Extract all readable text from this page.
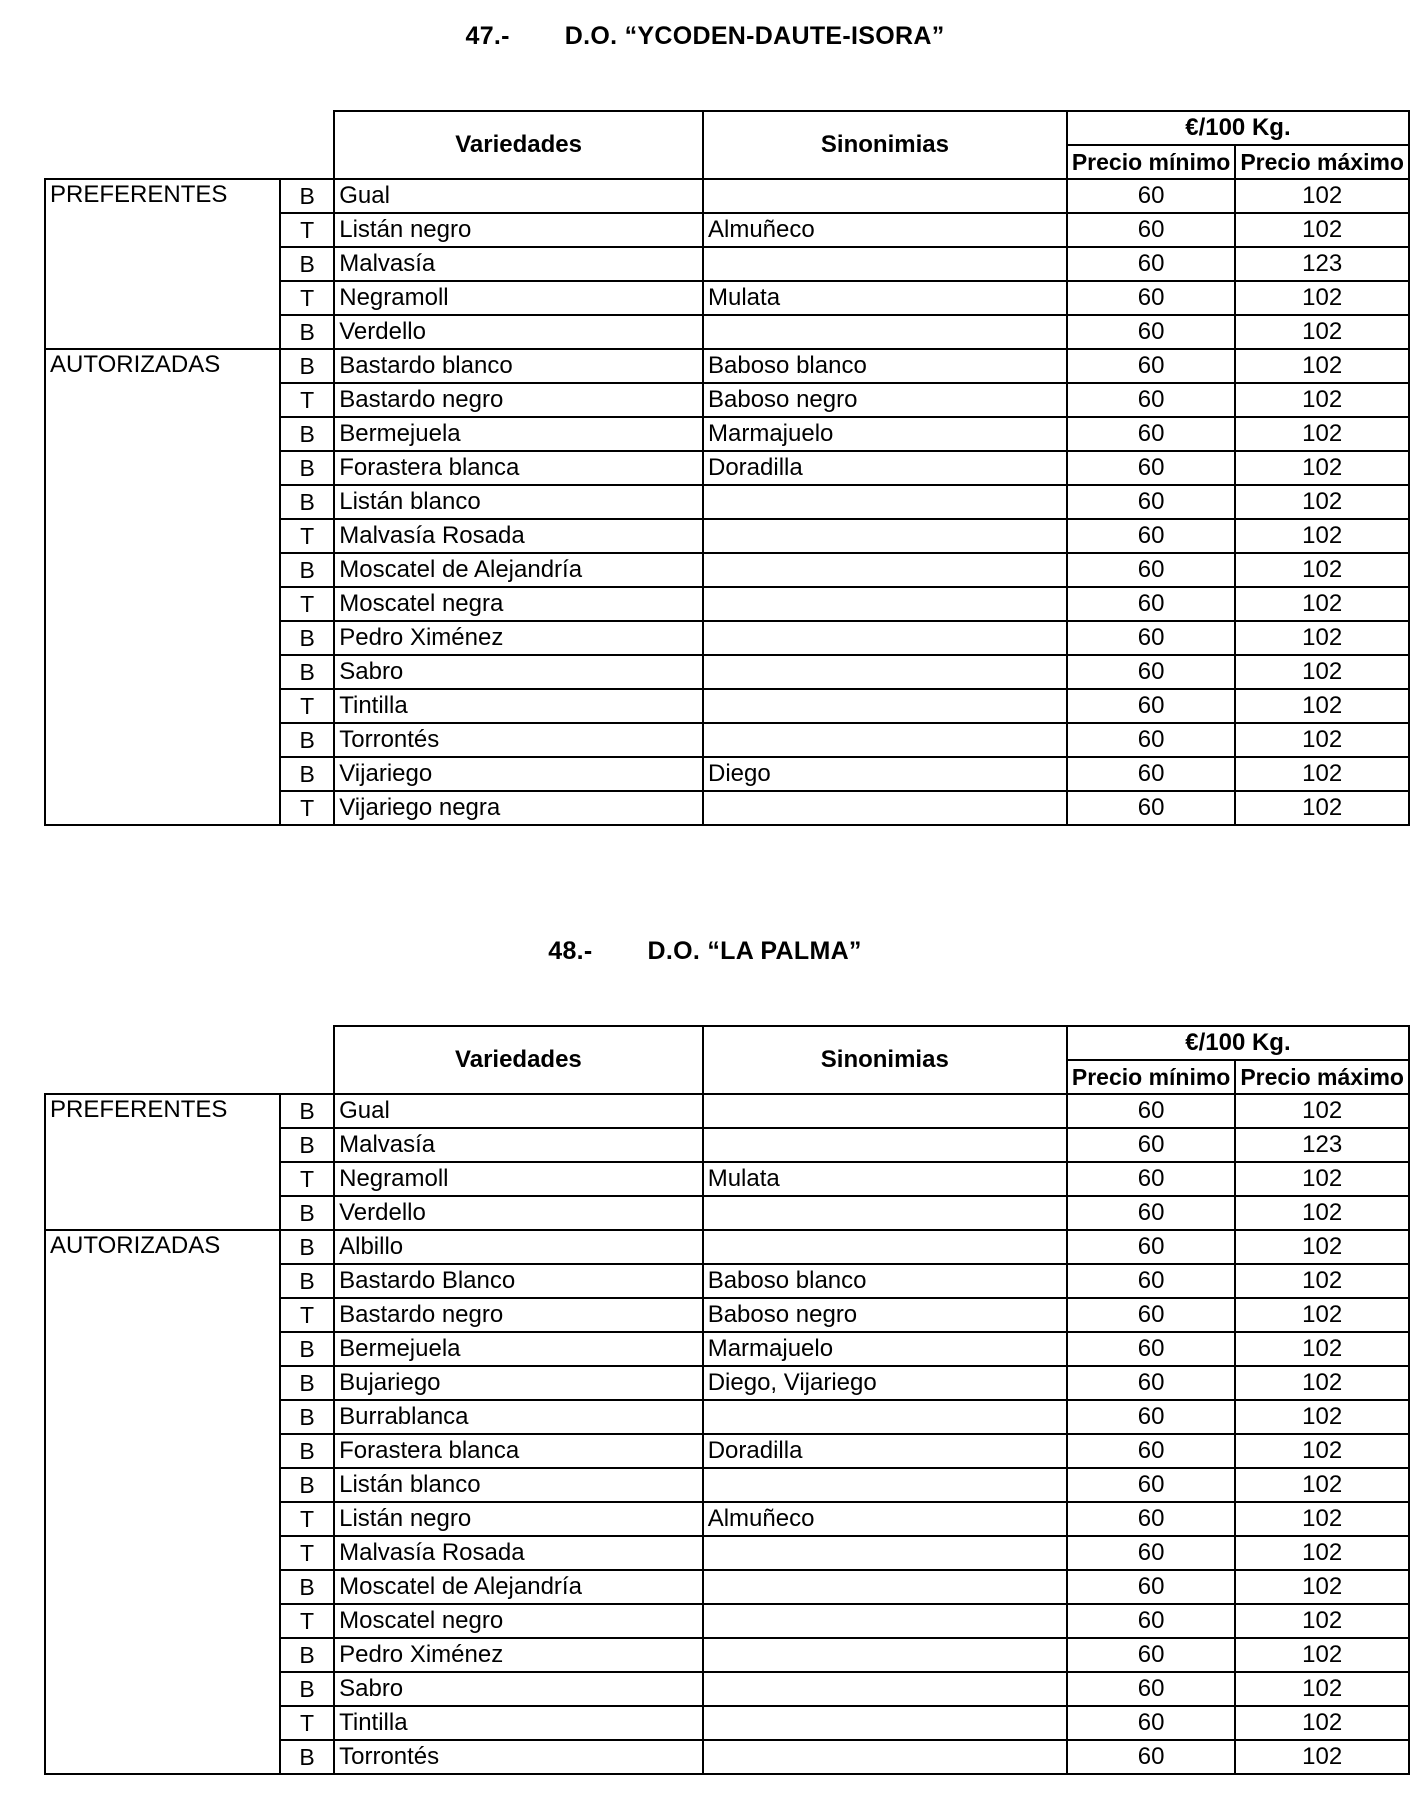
47.- D.O. “YCODEN-DAUTE-ISORA”
		Variedades	Sinonimias	€/100 Kg.	
				Precio mínimo	Precio máximo
PREFERENTES	B	Gual		60	102
	T	Listán negro	Almuñeco	60	102
	B	Malvasía		60	123
	T	Negramoll	Mulata	60	102
	B	Verdello		60	102
AUTORIZADAS	B	Bastardo blanco	Baboso blanco	60	102
	T	Bastardo negro	Baboso negro	60	102
	B	Bermejuela	Marmajuelo	60	102
	B	Forastera blanca	Doradilla	60	102
	B	Listán blanco		60	102
	T	Malvasía Rosada		60	102
	B	Moscatel de Alejandría		60	102
	T	Moscatel negra		60	102
	B	Pedro Ximénez		60	102
	B	Sabro		60	102
	T	Tintilla		60	102
	B	Torrontés		60	102
	B	Vijariego	Diego	60	102
	T	Vijariego negra		60	102
48.- D.O. “LA PALMA”
		Variedades	Sinonimias	€/100 Kg.	
				Precio mínimo	Precio máximo
PREFERENTES	B	Gual		60	102
	B	Malvasía		60	123
	T	Negramoll	Mulata	60	102
	B	Verdello		60	102
AUTORIZADAS	B	Albillo		60	102
	B	Bastardo Blanco	Baboso blanco	60	102
	T	Bastardo negro	Baboso negro	60	102
	B	Bermejuela	Marmajuelo	60	102
	B	Bujariego	Diego, Vijariego	60	102
	B	Burrablanca		60	102
	B	Forastera blanca	Doradilla	60	102
	B	Listán blanco		60	102
	T	Listán negro	Almuñeco	60	102
	T	Malvasía Rosada		60	102
	B	Moscatel de Alejandría		60	102
	T	Moscatel negro		60	102
	B	Pedro Ximénez		60	102
	B	Sabro		60	102
	T	Tintilla		60	102
	B	Torrontés		60	102
